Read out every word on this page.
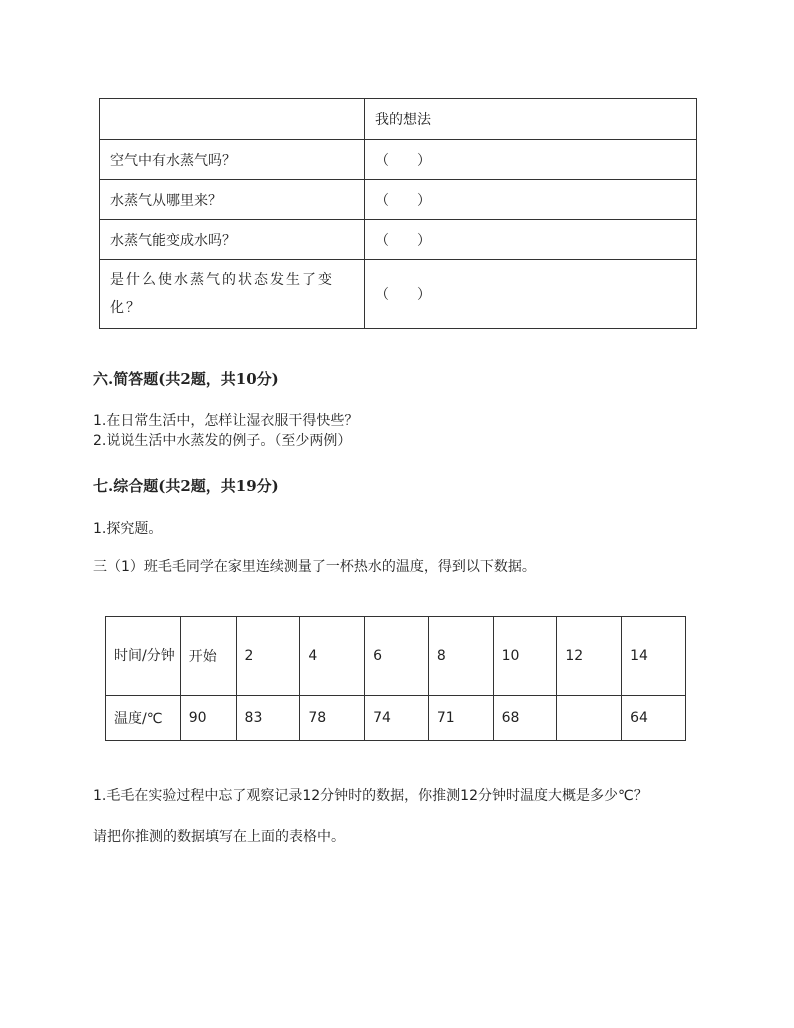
	我的想法
空气中有水蒸气吗？	（　　）
水蒸气从哪里来？	（　　）
水蒸气能变成水吗？	（　　）
是什么使水蒸气的状态发生了变化？	（　　）
六.简答题(共2题，共10分)
1.在日常生活中，怎样让湿衣服干得快些？
2.说说生活中水蒸发的例子。（至少两例）
七.综合题(共2题，共19分)
1.探究题。
三（1）班毛毛同学在家里连续测量了一杯热水的温度，得到以下数据。
时间/分钟	开始	2	4	6	8	10	12	14
温度/℃	90	83	78	74	71	68		64
1.毛毛在实验过程中忘了观察记录12分钟时的数据，你推测12分钟时温度大概是多少℃？
请把你推测的数据填写在上面的表格中。
